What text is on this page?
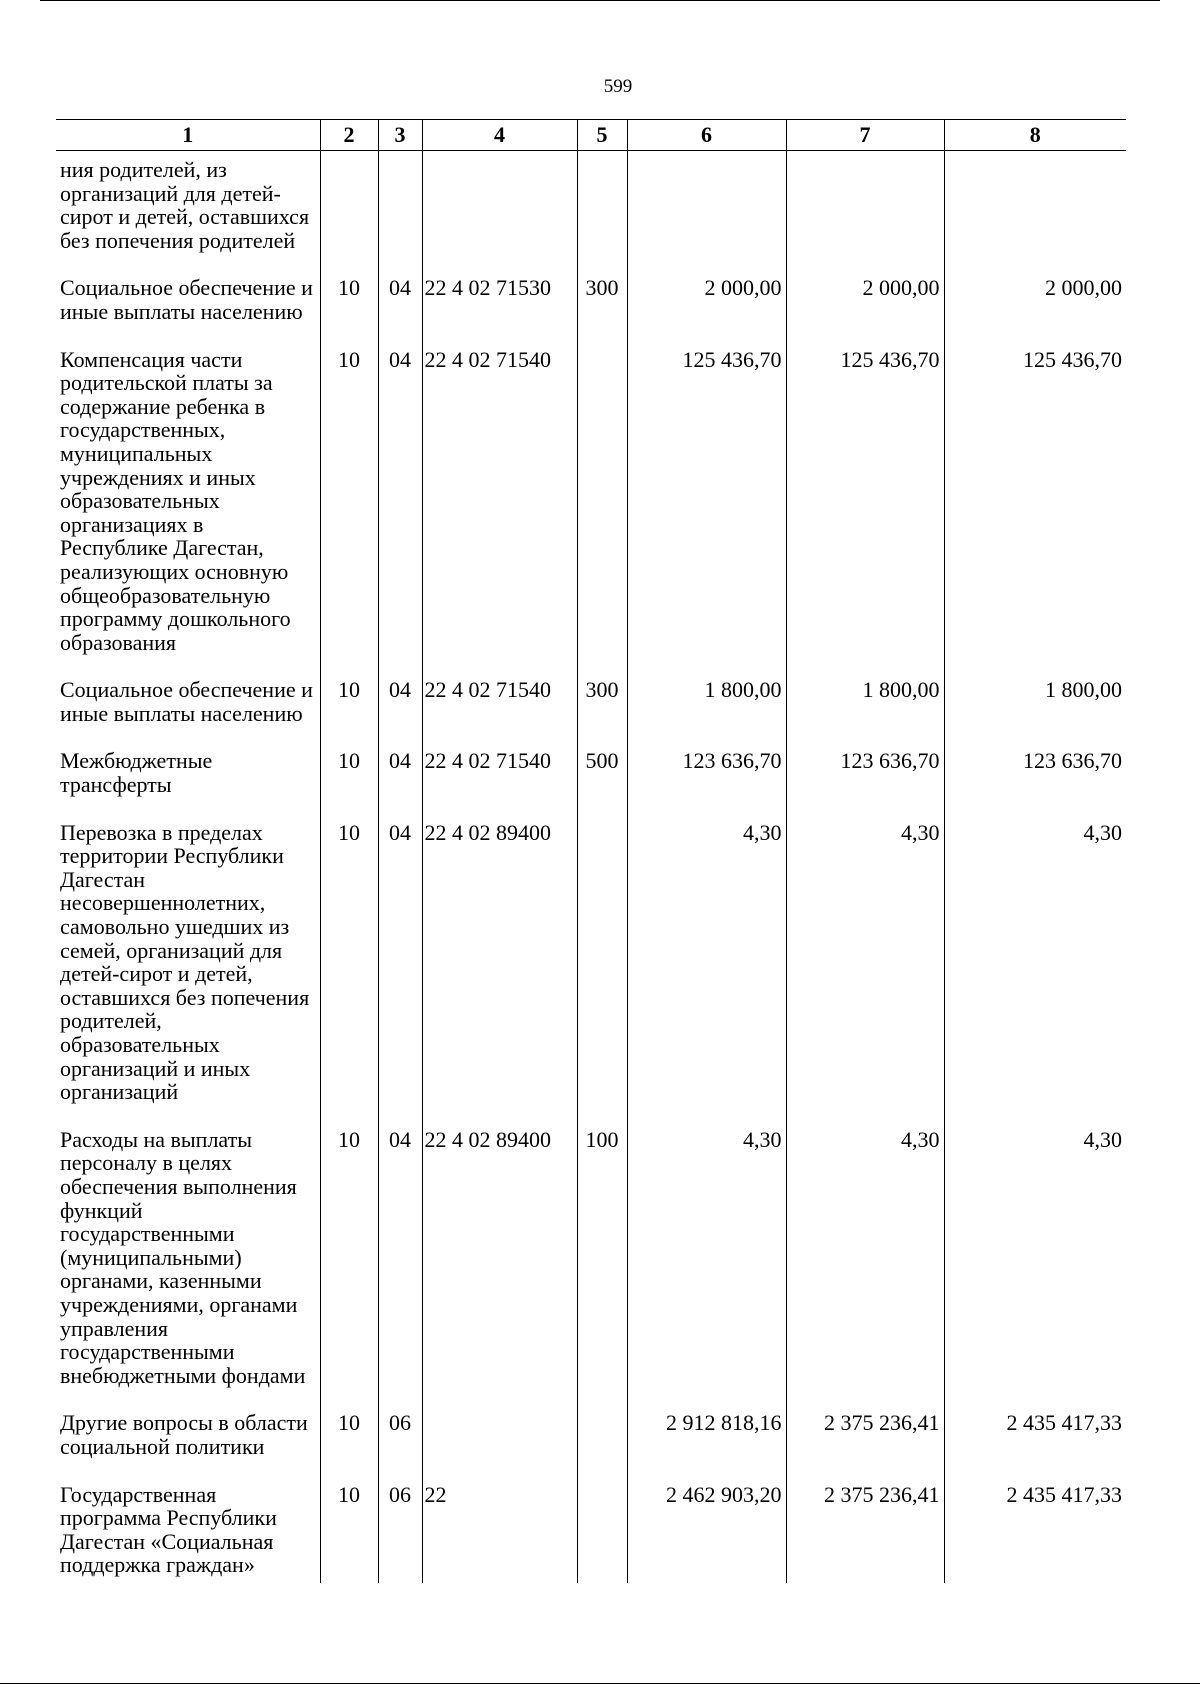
599
1	2	3	4	5	6	7	8
ния родителей, из организаций для детей-сирот и детей, оставшихся без попечения родителей							
Социальное обеспечение и иные выплаты населению	10	04	22 4 02 71530	300	2 000,00	2 000,00	2 000,00
Компенсация части родительской платы за содержание ребенка в государственных, муниципальных учреждениях и иных образовательных организациях в Республике Дагестан, реализующих основную общеобразовательную программу дошкольного образования	10	04	22 4 02 71540		125 436,70	125 436,70	125 436,70
Социальное обеспечение и иные выплаты населению	10	04	22 4 02 71540	300	1 800,00	1 800,00	1 800,00
Межбюджетные трансферты	10	04	22 4 02 71540	500	123 636,70	123 636,70	123 636,70
Перевозка в пределах территории Республики Дагестан несовершеннолетних, самовольно ушедших из семей, организаций для детей-сирот и детей, оставшихся без попечения родителей, образовательных организаций и иных организаций	10	04	22 4 02 89400		4,30	4,30	4,30
Расходы на выплаты персоналу в целях обеспечения выполнения функций государственными (муниципальными) органами, казенными учреждениями, органами управления государственными внебюджетными фондами	10	04	22 4 02 89400	100	4,30	4,30	4,30
Другие вопросы в области социальной политики	10	06			2 912 818,16	2 375 236,41	2 435 417,33
Государственная программа Республики Дагестан «Социальная поддержка граждан»	10	06	22		2 462 903,20	2 375 236,41	2 435 417,33
